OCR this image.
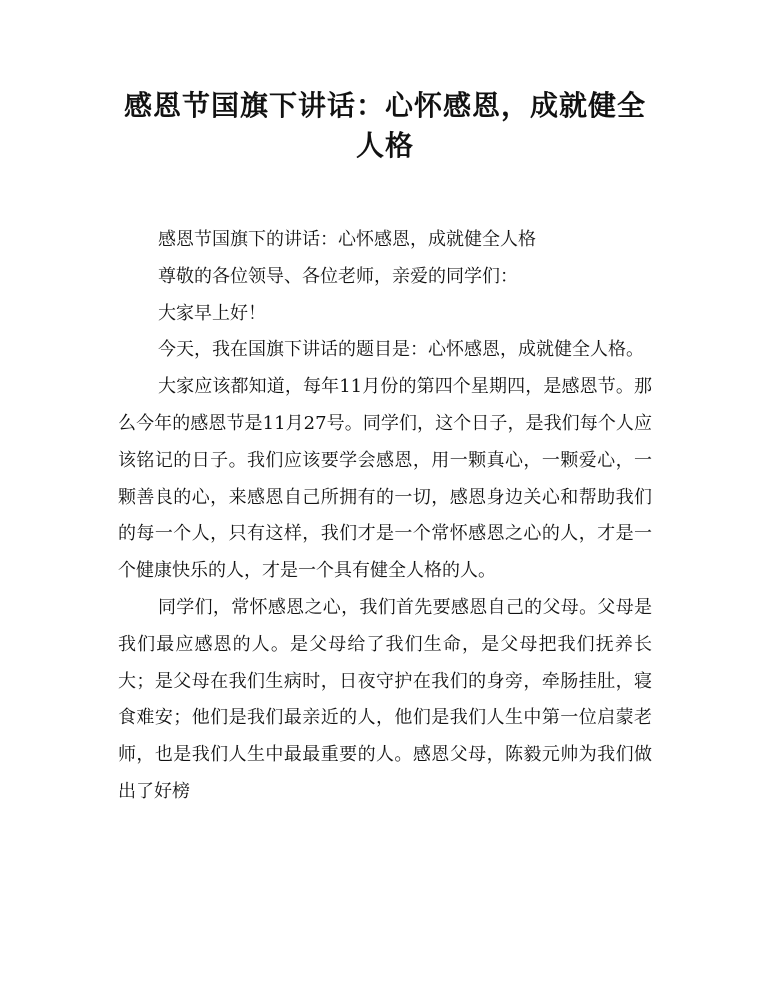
感恩节国旗下讲话：心怀感恩，成就健全人格

感恩节国旗下的讲话：心怀感恩，成就健全人格

尊敬的各位领导、各位老师，亲爱的同学们：

大家早上好！

今天，我在国旗下讲话的题目是：心怀感恩，成就健全人格。

大家应该都知道，每年11月份的第四个星期四，是感恩节。那么今年的感恩节是11月27号。同学们，这个日子，是我们每个人应该铭记的日子。我们应该要学会感恩，用一颗真心，一颗爱心，一颗善良的心，来感恩自己所拥有的一切，感恩身边关心和帮助我们的每一个人，只有这样，我们才是一个常怀感恩之心的人，才是一个健康快乐的人，才是一个具有健全人格的人。

同学们，常怀感恩之心，我们首先要感恩自己的父母。父母是我们最应感恩的人。是父母给了我们生命，是父母把我们抚养长大；是父母在我们生病时，日夜守护在我们的身旁，牵肠挂肚，寝食难安；他们是我们最亲近的人，他们是我们人生中第一位启蒙老师，也是我们人生中最最重要的人。感恩父母，陈毅元帅为我们做出了好榜
